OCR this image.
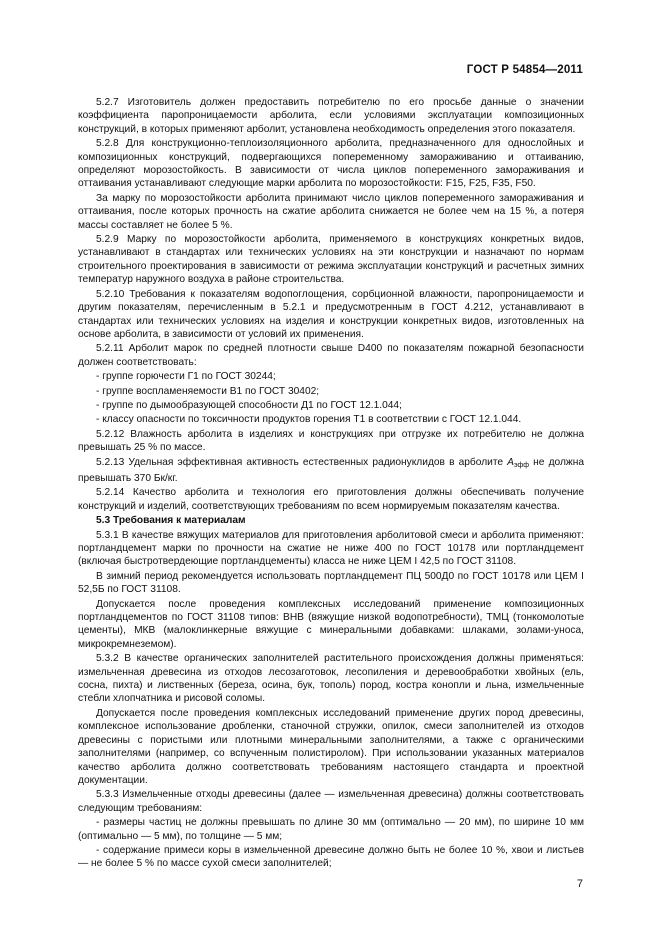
ГОСТ Р 54854—2011

5.2.7 Изготовитель должен предоставить потребителю по его просьбе данные о значении коэффициента паропроницаемости арболита, если условиями эксплуатации композиционных конструкций, в которых применяют арболит, установлена необходимость определения этого показателя.

5.2.8 Для конструкционно-теплоизоляционного арболита, предназначенного для однослойных и композиционных конструкций, подвергающихся попеременному замораживанию и оттаиванию, определяют морозостойкость. В зависимости от числа циклов попеременного замораживания и оттаивания устанавливают следующие марки арболита по морозостойкости: F15, F25, F35, F50.

За марку по морозостойкости арболита принимают число циклов попеременного замораживания и оттаивания, после которых прочность на сжатие арболита снижается не более чем на 15 %, а потеря массы составляет не более 5 %.

5.2.9 Марку по морозостойкости арболита, применяемого в конструкциях конкретных видов, устанавливают в стандартах или технических условиях на эти конструкции и назначают по нормам строительного проектирования в зависимости от режима эксплуатации конструкций и расчетных зимних температур наружного воздуха в районе строительства.

5.2.10 Требования к показателям водопоглощения, сорбционной влажности, паропроницаемости и другим показателям, перечисленным в 5.2.1 и предусмотренным в ГОСТ 4.212, устанавливают в стандартах или технических условиях на изделия и конструкции конкретных видов, изготовленных на основе арболита, в зависимости от условий их применения.

5.2.11 Арболит марок по средней плотности свыше D400 по показателям пожарной безопасности должен соответствовать:

- группе горючести Г1 по ГОСТ 30244;

- группе воспламеняемости В1 по ГОСТ 30402;

- группе по дымообразующей способности Д1 по ГОСТ 12.1.044;

- классу опасности по токсичности продуктов горения Т1 в соответствии с ГОСТ 12.1.044.

5.2.12 Влажность арболита в изделиях и конструкциях при отгрузке их потребителю не должна превышать 25 % по массе.

5.2.13 Удельная эффективная активность естественных радионуклидов в арболите $А_{эфф}$ не должна превышать 370 Бк/кг.

5.2.14 Качество арболита и технология его приготовления должны обеспечивать получение конструкций и изделий, соответствующих требованиям по всем нормируемым показателям качества.

5.3 Требования к материалам

5.3.1 В качестве вяжущих материалов для приготовления арболитовой смеси и арболита применяют: портландцемент марки по прочности на сжатие не ниже 400 по ГОСТ 10178 или портландцемент (включая быстротвердеющие портландцементы) класса не ниже ЦЕМ I 42,5 по ГОСТ 31108.

В зимний период рекомендуется использовать портландцемент ПЦ 500Д0 по ГОСТ 10178 или ЦЕМ I 52,5Б по ГОСТ 31108.

Допускается после проведения комплексных исследований применение композиционных портландцементов по ГОСТ 31108 типов: ВНВ (вяжущие низкой водопотребности), ТМЦ (тонкомолотые цементы), МКВ (малоклинкерные вяжущие с минеральными добавками: шлаками, золами-уноса, микрокремнеземом).

5.3.2 В качестве органических заполнителей растительного происхождения должны применяться: измельченная древесина из отходов лесозаготовок, лесопиления и деревообработки хвойных (ель, сосна, пихта) и лиственных (береза, осина, бук, тополь) пород, костра конопли и льна, измельченные стебли хлопчатника и рисовой соломы.

Допускается после проведения комплексных исследований применение других пород древесины, комплексное использование дробленки, станочной стружки, опилок, смеси заполнителей из отходов древесины с пористыми или плотными минеральными заполнителями, а также с органическими заполнителями (например, со вспученным полистиролом). При использовании указанных материалов качество арболита должно соответствовать требованиям настоящего стандарта и проектной документации.

5.3.3 Измельченные отходы древесины (далее — измельченная древесина) должны соответствовать следующим требованиям:

- размеры частиц не должны превышать по длине 30 мм (оптимально — 20 мм), по ширине 10 мм (оптимально — 5 мм), по толщине — 5 мм;

- содержание примеси коры в измельченной древесине должно быть не более 10 %, хвои и листьев — не более 5 % по массе сухой смеси заполнителей;

7
